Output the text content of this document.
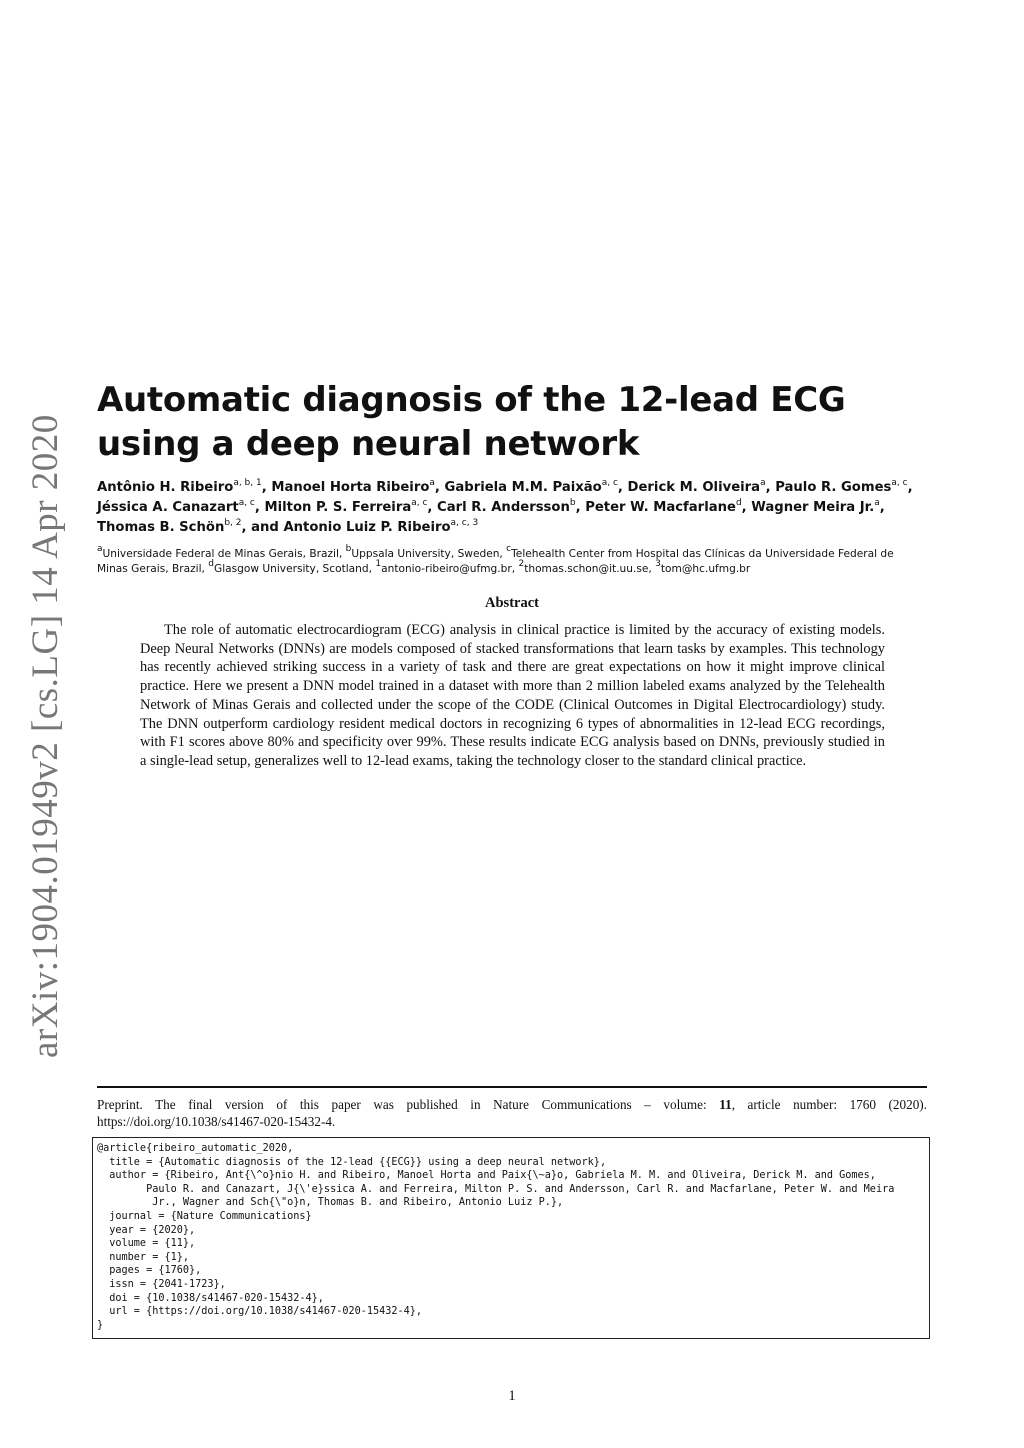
arXiv:1904.01949v2 [cs.LG] 14 Apr 2020
Automatic diagnosis of the 12-lead ECG using a deep neural network
Antônio H. Ribeiro$^{a, b, 1}$, Manoel Horta Ribeiro$^a$, Gabriela M.M. Paixão$^{a, c}$, Derick M. Oliveira$^a$, Paulo R. Gomes$^{a, c}$, Jéssica A. Canazart$^{a, c}$, Milton P. S. Ferreira$^{a, c}$, Carl R. Andersson$^b$, Peter W. Macfarlane$^d$, Wagner Meira Jr.$^a$, Thomas B. Schön$^{b, 2}$, and Antonio Luiz P. Ribeiro$^{a, c, 3}$
$^a$Universidade Federal de Minas Gerais, Brazil, $^b$Uppsala University, Sweden, $^c$Telehealth Center from Hospital das Clínicas da Universidade Federal de Minas Gerais, Brazil, $^d$Glasgow University, Scotland, $^1$antonio-ribeiro@ufmg.br, $^2$thomas.schon@it.uu.se, $^3$tom@hc.ufmg.br
Abstract

The role of automatic electrocardiogram (ECG) analysis in clinical practice is limited by the accuracy of existing models. Deep Neural Networks (DNNs) are models composed of stacked transformations that learn tasks by examples. This technology has recently achieved striking success in a variety of task and there are great expectations on how it might improve clinical practice. Here we present a DNN model trained in a dataset with more than 2 million labeled exams analyzed by the Telehealth Network of Minas Gerais and collected under the scope of the CODE (Clinical Outcomes in Digital Electrocardiology) study. The DNN outperform cardiology resident medical doctors in recognizing 6 types of abnormalities in 12-lead ECG recordings, with F1 scores above 80% and specificity over 99%. These results indicate ECG analysis based on DNNs, previously studied in a single-lead setup, generalizes well to 12-lead exams, taking the technology closer to the standard clinical practice.

Preprint. The final version of this paper was published in Nature Communications – volume: 11, article number: 1760 (2020). https://doi.org/10.1038/s41467-020-15432-4.
@article{ribeiro_automatic_2020,
title = {Automatic diagnosis of the 12-lead {{ECG}} using a deep neural network},
author = {Ribeiro, Ant{\^o}nio H. and Ribeiro, Manoel Horta and Paix{\~a}o, Gabriela M. M. and Oliveira, Derick M. and Gomes,
Paulo R. and Canazart, J{\'e}ssica A. and Ferreira, Milton P. S. and Andersson, Carl R. and Macfarlane, Peter W. and Meira
Jr., Wagner and Sch{\"o}n, Thomas B. and Ribeiro, Antonio Luiz P.},
journal = {Nature Communications}
year = {2020},
volume = {11},
number = {1},
pages = {1760},
issn = {2041-1723},
doi = {10.1038/s41467-020-15432-4},
url = {https://doi.org/10.1038/s41467-020-15432-4},
}

1
